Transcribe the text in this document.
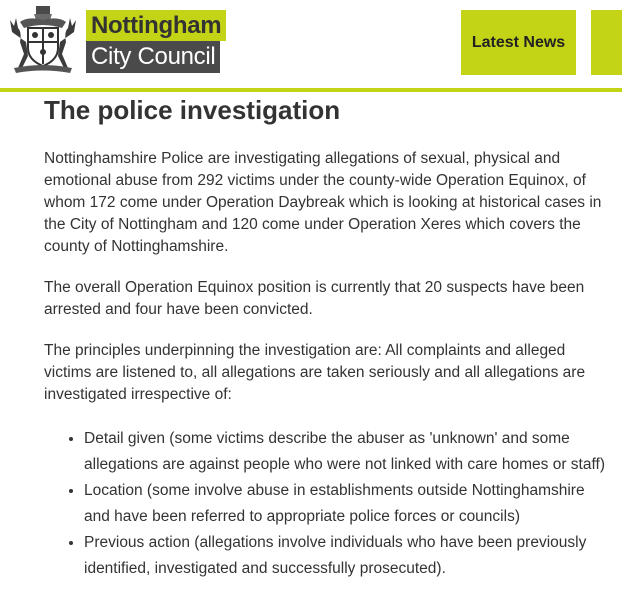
Nottingham
City Council
Latest News
The police investigation

Nottinghamshire Police are investigating allegations of sexual, physical and emotional abuse from 292 victims under the county-wide Operation Equinox, of whom 172 come under Operation Daybreak which is looking at historical cases in the City of Nottingham and 120 come under Operation Xeres which covers the county of Nottinghamshire.

The overall Operation Equinox position is currently that 20 suspects have been arrested and four have been convicted.

The principles underpinning the investigation are: All complaints and alleged victims are listened to, all allegations are taken seriously and all allegations are investigated irrespective of:

• Detail given (some victims describe the abuser as 'unknown' and some allegations are against people who were not linked with care homes or staff)
• Location (some involve abuse in establishments outside Nottinghamshire and have been referred to appropriate police forces or councils)
• Previous action (allegations involve individuals who have been previously identified, investigated and successfully prosecuted).
